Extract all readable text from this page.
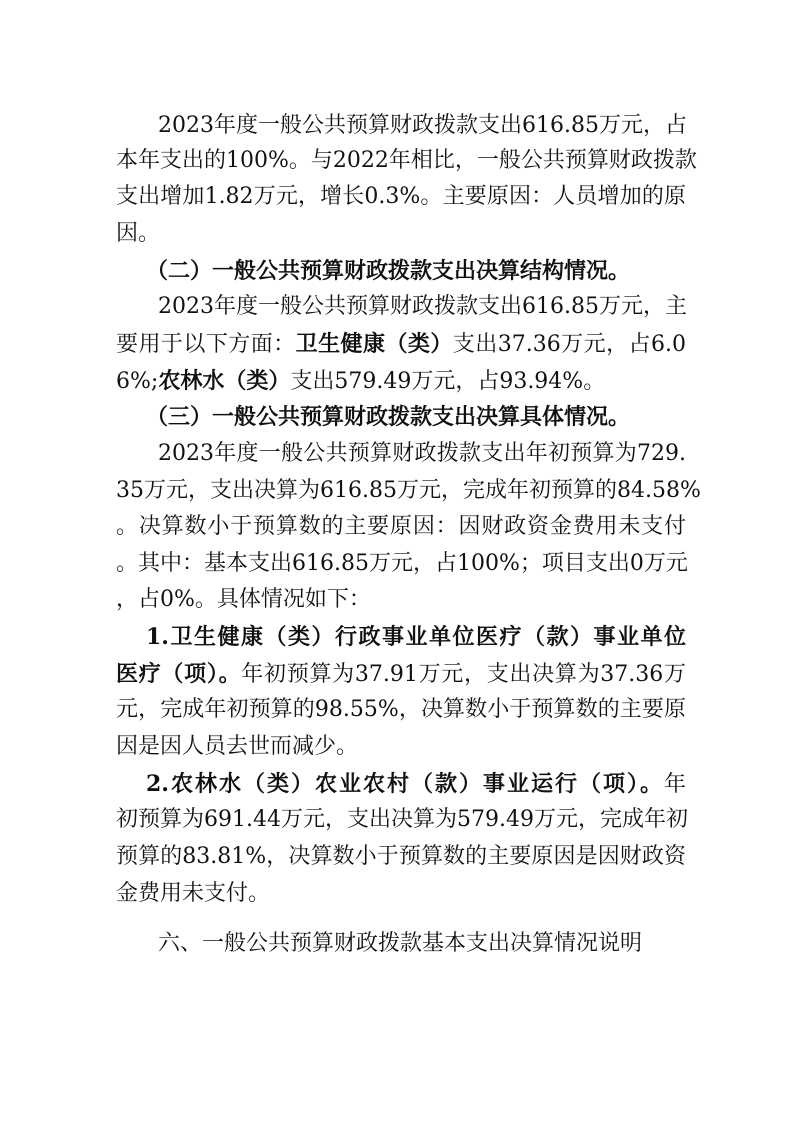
2023年度一般公共预算财政拨款支出616.85万元，占
本年支出的100%。与2022年相比，一般公共预算财政拨款
支出增加1.82万元，增长0.3%。主要原因：人员增加的原
因。
（二）一般公共预算财政拨款支出决算结构情况。
2023年度一般公共预算财政拨款支出616.85万元，主
要用于以下方面：卫生健康（类）支出37.36万元，占6.0
6%;农林水（类）支出579.49万元，占93.94%。
（三）一般公共预算财政拨款支出决算具体情况。
2023年度一般公共预算财政拨款支出年初预算为729.
35万元，支出决算为616.85万元，完成年初预算的84.58%
。决算数小于预算数的主要原因：因财政资金费用未支付
。其中：基本支出616.85万元，占100%；项目支出0万元
，占0%。具体情况如下：
1.卫生健康（类）行政事业单位医疗（款）事业单位
医疗（项）。年初预算为37.91万元，支出决算为37.36万
元，完成年初预算的98.55%，决算数小于预算数的主要原
因是因人员去世而减少。
2.农林水（类）农业农村（款）事业运行（项）。年
初预算为691.44万元，支出决算为579.49万元，完成年初
预算的83.81%，决算数小于预算数的主要原因是因财政资
金费用未支付。
六、一般公共预算财政拨款基本支出决算情况说明
